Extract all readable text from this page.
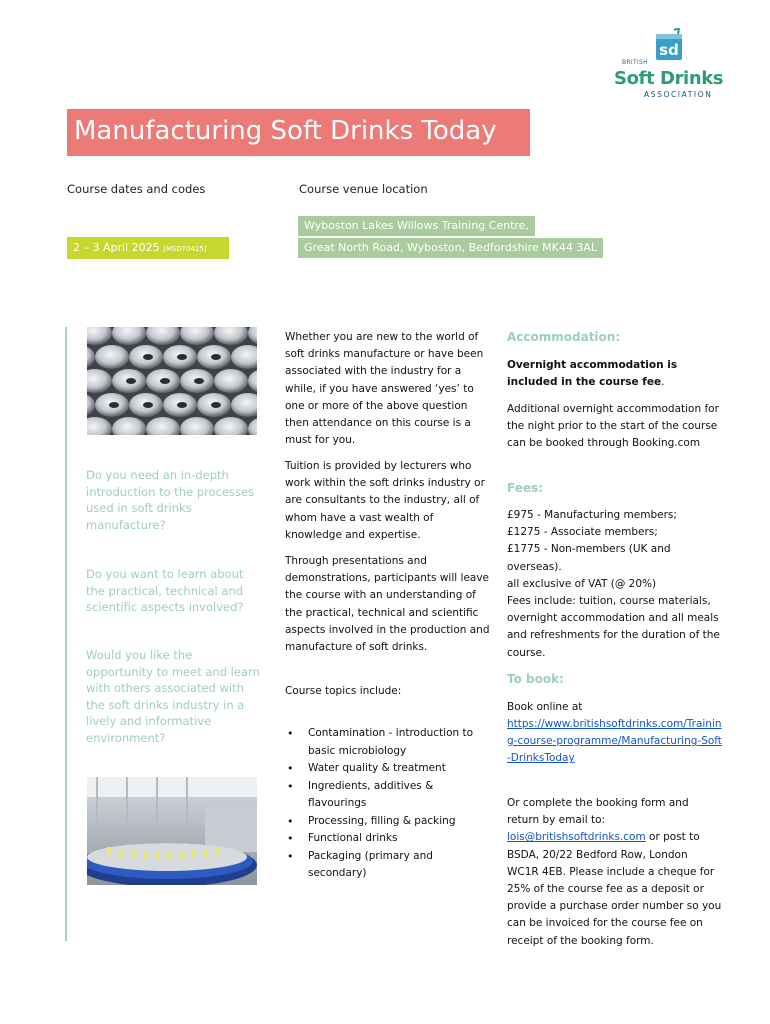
sd
BRITISH
Soft Drinks
ASSOCIATION
Manufacturing Soft Drinks Today
Course dates and codes	Course venue location
2 – 3 April 2025 [MSDT0425]
Wyboston Lakes Willows Training Centre,
Great North Road, Wyboston, Bedfordshire MK44 3AL
Do you need an in-depth introduction to the processes used in soft drinks manufacture?
Do you want to learn about the practical, technical and scientific aspects involved?
Would you like the opportunity to meet and learn with others associated with the soft drinks industry in a lively and informative environment?
Whether you are new to the world of soft drinks manufacture or have been associated with the industry for a while, if you have answered ‘yes’ to one or more of the above question then attendance on this course is a must for you.
Tuition is provided by lecturers who work within the soft drinks industry or are consultants to the industry, all of whom have a vast wealth of knowledge and expertise.
Through presentations and demonstrations, participants will leave the course with an understanding of the practical, technical and scientific aspects involved in the production and manufacture of soft drinks.
Course topics include:
• Contamination - introduction to basic microbiology
• Water quality & treatment
• Ingredients, additives & flavourings
• Processing, filling & packing
• Functional drinks
• Packaging (primary and secondary)
Accommodation:
Overnight accommodation is included in the course fee.
Additional overnight accommodation for the night prior to the start of the course can be booked through Booking.com
Fees:
£975 - Manufacturing members;
£1275 - Associate members;
£1775 - Non-members (UK and overseas).
all exclusive of VAT (@ 20%)
Fees include: tuition, course materials, overnight accommodation and all meals and refreshments for the duration of the course.
To book:
Book online at
https://www.britishsoftdrinks.com/Training-course-programme/Manufacturing-Soft-DrinksToday
Or complete the booking form and return by email to: lois@britishsoftdrinks.com or post to BSDA, 20/22 Bedford Row, London WC1R 4EB. Please include a cheque for 25% of the course fee as a deposit or provide a purchase order number so you can be invoiced for the course fee on receipt of the booking form.
